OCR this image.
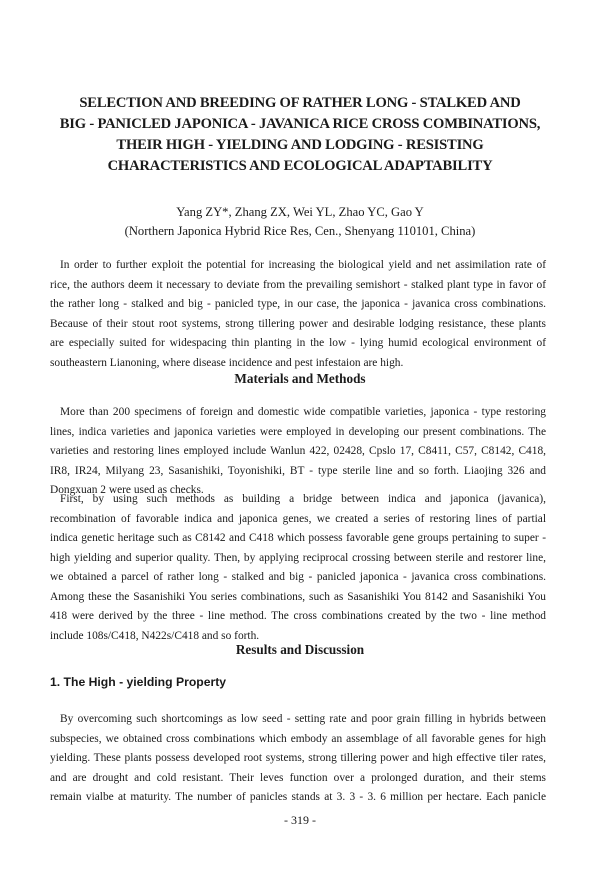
SELECTION AND BREEDING OF RATHER LONG - STALKED AND
BIG - PANICLED JAPONICA - JAVANICA RICE CROSS COMBINATIONS,
THEIR HIGH - YIELDING AND LODGING - RESISTING
CHARACTERISTICS AND ECOLOGICAL ADAPTABILITY

Yang ZY*, Zhang ZX, Wei YL, Zhao YC, Gao Y

(Northern Japonica Hybrid Rice Res, Cen., Shenyang 110101, China)

In order to further exploit the potential for increasing the biological yield and net assimilation rate of
rice, the authors deem it necessary to deviate from the prevailing semishort - stalked plant type in favor of
the rather long - stalked and big - panicled type, in our case, the japonica - javanica cross combinations.
Because of their stout root systems, strong tillering power and desirable lodging resistance, these plants
are especially suited for widespacing thin planting in the low - lying humid ecological environment of
southeastern Lianoning, where disease incidence and pest infestaion are high.

Materials and Methods

More than 200 specimens of foreign and domestic wide compatible varieties, japonica - type restoring
lines, indica varieties and japonica varieties were employed in developing our present combinations. The
varieties and restoring lines employed include Wanlun 422, 02428, Cpslo 17, C8411, C57, C8142, C418,
IR8, IR24, Milyang 23, Sasanishiki, Toyonishiki, BT - type sterile line and so forth. Liaojing 326 and
Dongxuan 2 were used as checks.

First, by using such methods as building a bridge between indica and japonica (javanica),
recombination of favorable indica and japonica genes, we created a series of restoring lines of partial
indica genetic heritage such as C8142 and C418 which possess favorable gene groups pertaining to super -
high yielding and superior quality. Then, by applying reciprocal crossing between sterile and restorer line,
we obtained a parcel of rather long - stalked and big - panicled japonica - javanica cross combinations.
Among these the Sasanishiki You series combinations, such as Sasanishiki You 8142 and Sasanishiki You
418 were derived by the three - line method. The cross combinations created by the two - line method
include 108s/C418, N422s/C418 and so forth.

Results and Discussion
1. The High - yielding Property

By overcoming such shortcomings as low seed - setting rate and poor grain filling in hybrids between
subspecies, we obtained cross combinations which embody an assemblage of all favorable genes for high
yielding. These plants possess developed root systems, strong tillering power and high effective tiler rates,
and are drought and cold resistant. Their leves function over a prolonged duration, and their stems
remain vialbe at maturity. The number of panicles stands at 3. 3 - 3. 6 million per hectare. Each panicle

- 319 -
